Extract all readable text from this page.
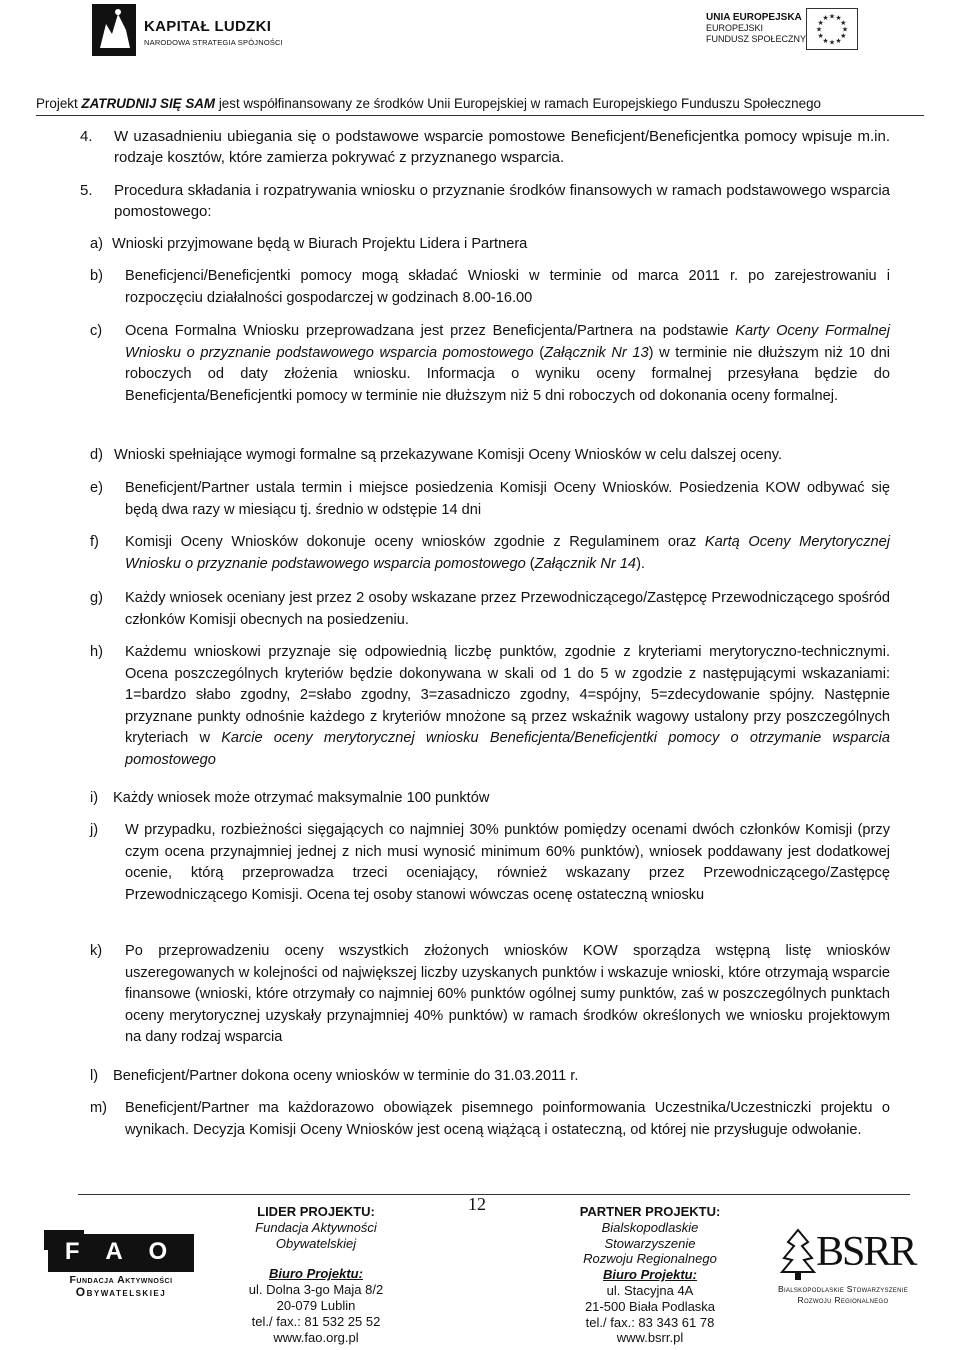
KAPITAŁ LUDZKI
NARODOWA STRATEGIA SPÓJNOŚCI
UNIA EUROPEJSKA
EUROPEJSKI
FUNDUSZ SPOŁECZNY
★ ★
★
★
★
★
★
★
★
★
★
★
Projekt ZATRUDNIJ SIĘ SAM jest współfinansowany ze środków Unii Europejskiej w ramach Europejskiego Funduszu Społecznego
4.	W uzasadnieniu ubiegania się o podstawowe wsparcie pomostowe Beneficjent/Beneficjentka pomocy wpisuje m.in. rodzaje kosztów, które zamierza pokrywać z przyznanego wsparcia.
5.	Procedura składania i rozpatrywania wniosku o przyznanie środków finansowych w ramach podstawowego wsparcia pomostowego:
a) Wnioski przyjmowane będą w Biurach Projektu Lidera i Partnera
b)	Beneficjenci/Beneficjentki pomocy mogą składać Wnioski w terminie od marca 2011 r. po zarejestrowaniu i rozpoczęciu działalności gospodarczej w godzinach 8.00-16.00
c)	Ocena Formalna Wniosku przeprowadzana jest przez Beneficjenta/Partnera na podstawie Karty Oceny Formalnej Wniosku o przyznanie podstawowego wsparcia pomostowego (Załącznik Nr 13) w terminie nie dłuższym niż 10 dni roboczych od daty złożenia wniosku. Informacja o wyniku oceny formalnej przesyłana będzie do Beneficjenta/Beneficjentki pomocy w terminie nie dłuższym niż 5 dni roboczych od dokonania oceny formalnej.
d) Wnioski spełniające wymogi formalne są przekazywane Komisji Oceny Wniosków w celu dalszej oceny.
e)	Beneficjent/Partner ustala termin i miejsce posiedzenia Komisji Oceny Wniosków. Posiedzenia KOW odbywać się będą dwa razy w miesiącu tj. średnio w odstępie 14 dni
f)	Komisji Oceny Wniosków dokonuje oceny wniosków zgodnie z Regulaminem oraz Kartą Oceny Merytorycznej Wniosku o przyznanie podstawowego wsparcia pomostowego (Załącznik Nr 14).
g)	Każdy wniosek oceniany jest przez 2 osoby wskazane przez Przewodniczącego/Zastępcę Przewodniczącego spośród członków Komisji obecnych na posiedzeniu.
h)	Każdemu wnioskowi przyznaje się odpowiednią liczbę punktów, zgodnie z kryteriami merytoryczno-technicznymi. Ocena poszczególnych kryteriów będzie dokonywana w skali od 1 do 5 w zgodzie z następującymi wskazaniami: 1=bardzo słabo zgodny, 2=słabo zgodny, 3=zasadniczo zgodny, 4=spójny, 5=zdecydowanie spójny. Następnie przyznane punkty odnośnie każdego z kryteriów mnożone są przez wskaźnik wagowy ustalony przy poszczególnych kryteriach w Karcie oceny merytorycznej wniosku Beneficjenta/Beneficjentki pomocy o otrzymanie wsparcia pomostowego
i)	Każdy wniosek może otrzymać maksymalnie 100 punktów
j)	W przypadku, rozbieżności sięgających co najmniej 30% punktów pomiędzy ocenami dwóch członków Komisji (przy czym ocena przynajmniej jednej z nich musi wynosić minimum 60% punktów), wniosek poddawany jest dodatkowej ocenie, którą przeprowadza trzeci oceniający, również wskazany przez Przewodniczącego/Zastępcę Przewodniczącego Komisji. Ocena tej osoby stanowi wówczas ocenę ostateczną wniosku
k)	Po przeprowadzeniu oceny wszystkich złożonych wniosków KOW sporządza wstępną listę wniosków uszeregowanych w kolejności od największej liczby uzyskanych punktów i wskazuje wnioski, które otrzymają wsparcie finansowe (wnioski, które otrzymały co najmniej 60% punktów ogólnej sumy punktów, zaś w poszczególnych punktach oceny merytorycznej uzyskały przynajmniej 40% punktów) w ramach środków określonych we wniosku projektowym na dany rodzaj wsparcia
l)	Beneficjent/Partner dokona oceny wniosków w terminie do 31.03.2011 r.
m)	Beneficjent/Partner ma każdorazowo obowiązek pisemnego poinformowania Uczestnika/Uczestniczki projektu o wynikach. Decyzja Komisji Oceny Wniosków jest oceną wiążącą i ostateczną, od której nie przysługuje odwołanie.
12
F A O
Fundacja Aktywności
Obywatelskiej
LIDER PROJEKTU:
Fundacja Aktywności
Obywatelskiej
Biuro Projektu:
ul. Dolna 3-go Maja 8/2
20-079 Lublin
tel./ fax.: 81 532 25 52
www.fao.org.pl
PARTNER PROJEKTU:
Bialskopodlaskie
Stowarzyszenie
Rozwoju Regionalnego
Biuro Projektu:
ul. Stacyjna 4A
21-500 Biała Podlaska
tel./ fax.: 83 343 61 78
www.bsrr.pl
BSRR
Bialskopodlaskie Stowarzyszenie
Rozwoju Regionalnego
